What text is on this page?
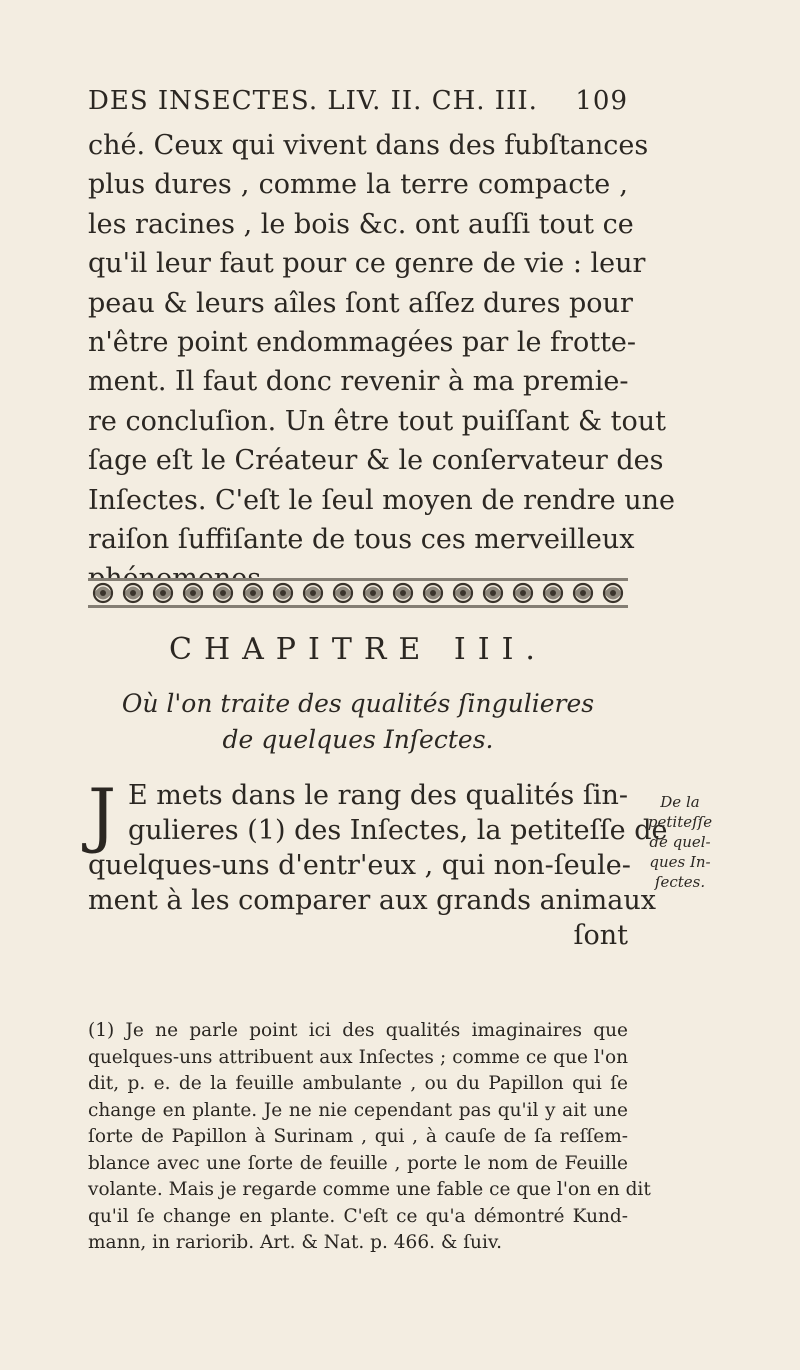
DES INSECTES. LIV. II. CH. III. 109
ché. Ceux qui vivent dans des fubſtances
plus dures , comme la terre compacte ,
les racines , le bois &c. ont auſſi tout ce
qu'il leur faut pour ce genre de vie : leur
peau & leurs aîles ſont aſſez dures pour
n'être point endommagées par le frotte-
ment. Il faut donc revenir à ma premie-
re concluſion. Un être tout puiſſant & tout
ſage eſt le Créateur & le conſervateur des
Inſectes. C'eſt le ſeul moyen de rendre une
raiſon ſuffiſante de tous ces merveilleux
CHAPITRE III.
Où l'on traite des qualités ſingulieres
de quelques Inſectes.
J E mets dans le rang des qualités ſin-
gulieres (1) des Inſectes, la petiteſſe de
quelques-uns d'entr'eux , qui non-ſeule-
ment à les comparer aux grands animaux
ſont
De la
petiteſſe
de quel-
ques In-
ſectes.
(1) Je ne parle point ici des qualités imaginaires que
quelques-uns attribuent aux Inſectes ; comme ce que l'on
dit, p. e. de la feuille ambulante , ou du Papillon qui ſe
change en plante. Je ne nie cependant pas qu'il y ait une
ſorte de Papillon à Surinam , qui , à cauſe de ſa reſſem-
blance avec une ſorte de feuille , porte le nom de Feuille
volante. Mais je regarde comme une fable ce que l'on en dit
qu'il ſe change en plante. C'eſt ce qu'a démontré Kund-
mann, in rariorib. Art. & Nat. p. 466. & ſuiv.
